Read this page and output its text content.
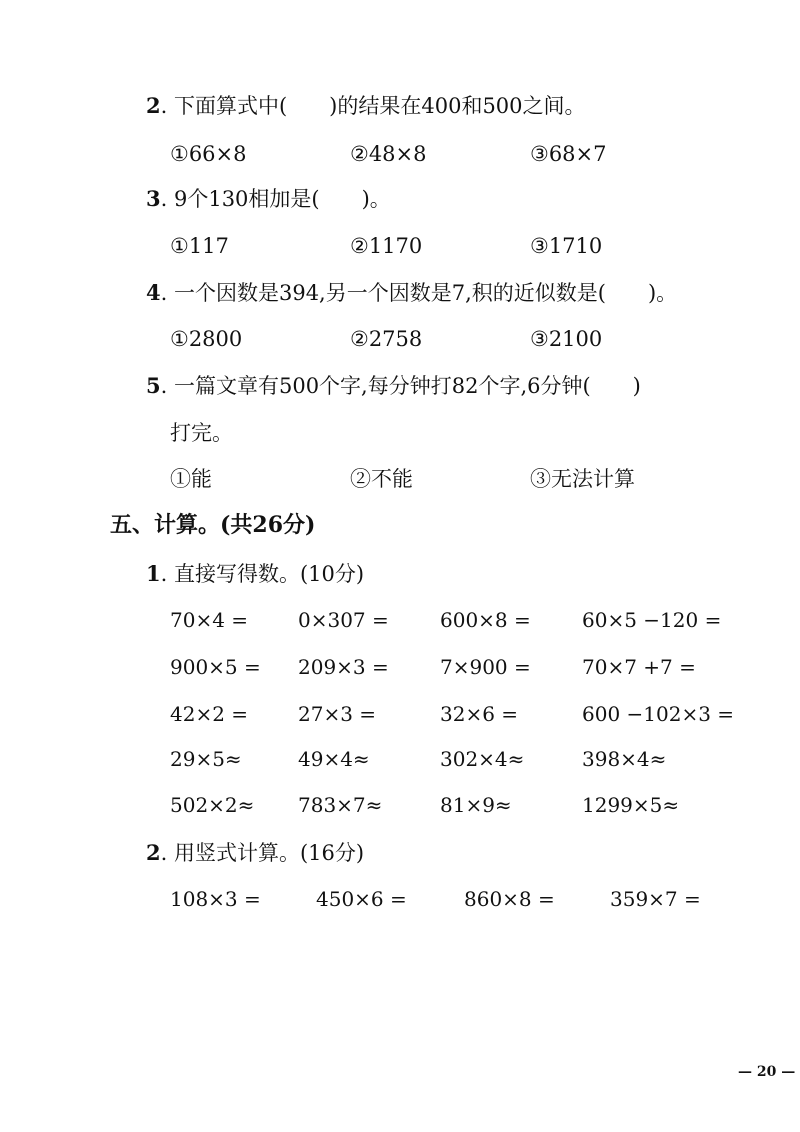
2. 下面算式中(　　)的结果在400和500之间。
①66×8	②48×8	③68×7
3. 9个130相加是(　　)。
①117	②1170	③1710
4. 一个因数是394,另一个因数是7,积的近似数是(　　)。
①2800	②2758	③2100
5. 一篇文章有500个字,每分钟打82个字,6分钟(　　)
打完。
①能	②不能	③无法计算
五、计算。(共26分)
1. 直接写得数。(10分)
70×4 = 0×307 =	600×8 =	60×5 −120 =
900×5 = 209×3 =	7×900 =	70×7 +7 =
42×2 = 27×3 =	32×6 =	600 −102×3 =
29×5≈	49×4≈	302×4≈	398×4≈
502×2≈ 783×7≈	81×9≈	1299×5≈
2. 用竖式计算。(16分)
108×3 =	450×6 =	860×8 =	359×7 =
— 20 —
